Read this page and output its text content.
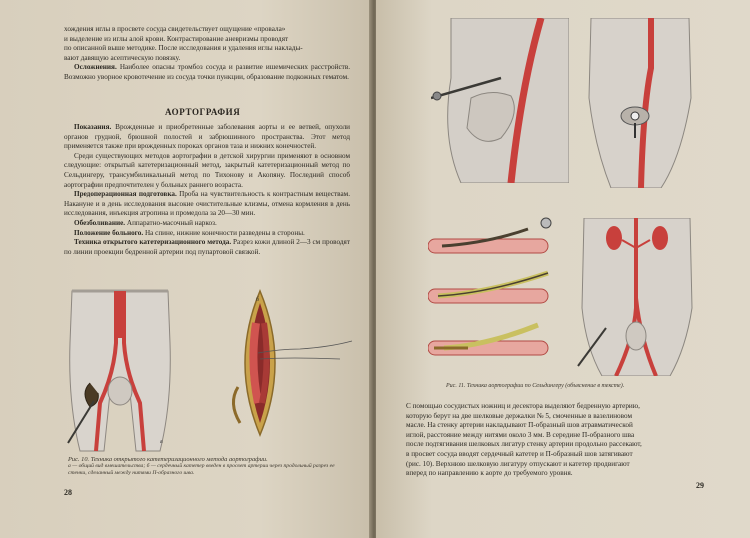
хождения иглы в просвете сосуда свидетельствует ощущение «провала»

и выделение из иглы алой крови. Контрастирование аневризмы проводят

по описанной выше методике. После исследования и удаления иглы наклады-

вают давящую асептическую повязку.

Осложнения. Наиболее опасны тромбоз сосуда и развитие ишемических расстройств. Возможно уворное кровотечение из сосуда точки пункции, образование подкожных гематом.

АОРТОГРАФИЯ

Показания. Врожденные и приобретенные заболевания аорты и ее ветвей, опухоли органов грудной, брюшной полостей и забрюшинного пространства. Этот метод применяется также при врожденных пороках органов таза и нижних конечностей.

Среди существующих методов аортографии в детской хирургии применяют в основном следующие: открытый катетеризационный метод, закрытый катетеризационный метод по Сельдингеру, трансумбиликальный метод по Тихонову и Акопяну. Последний способ аортографии предпочтителен у больных раннего возраста.

Предоперационная подготовка. Проба на чувствительность к контрастным веществам. Накануне и в день исследования высокие очистительные клизмы, отмена кормления в день исследования, инъекция атропина и промедола за 20—30 мин.

Обезболивание. Аппаратно-масочный наркоз.

Положение больного. На спине, нижние конечности разведены в стороны.

Техника открытого катетеризационного метода. Разрез кожи длиной 2—3 см проводят по линии проекции бедренной артерии под пупартовой связкой.

а
б

Рис. 10. Техника открытого катетеризационного метода аортографии.

а — общий вид вмешательства; б — сердечный катетер введен в просвет артерии через продольный разрез ее стенки, сделанный между нитями П-образного шва.

28
Рис. 11. Техника аортографии по Сельдингеру (объяснение в тексте).

С помощью сосудистых ножниц и десектора выделяют бедренную артерию,

которую берут на две шелковые держалки № 5, смоченные в вазелиновом

масле. На стенку артерии накладывают П-образный шов атравматической

иглой, расстояние между нитями около 3 мм. В середине П-образного шва

после подтягивания шелковых лигатур стенку артерии продольно рассекают,

в просвет сосуда вводят сердечный катетер и П-образный шов затягивают

(рис. 10). Верхнюю шелковую лигатуру отпускают и катетер продвигают

вперед по направлению к аорте до требуемого уровня.

29
